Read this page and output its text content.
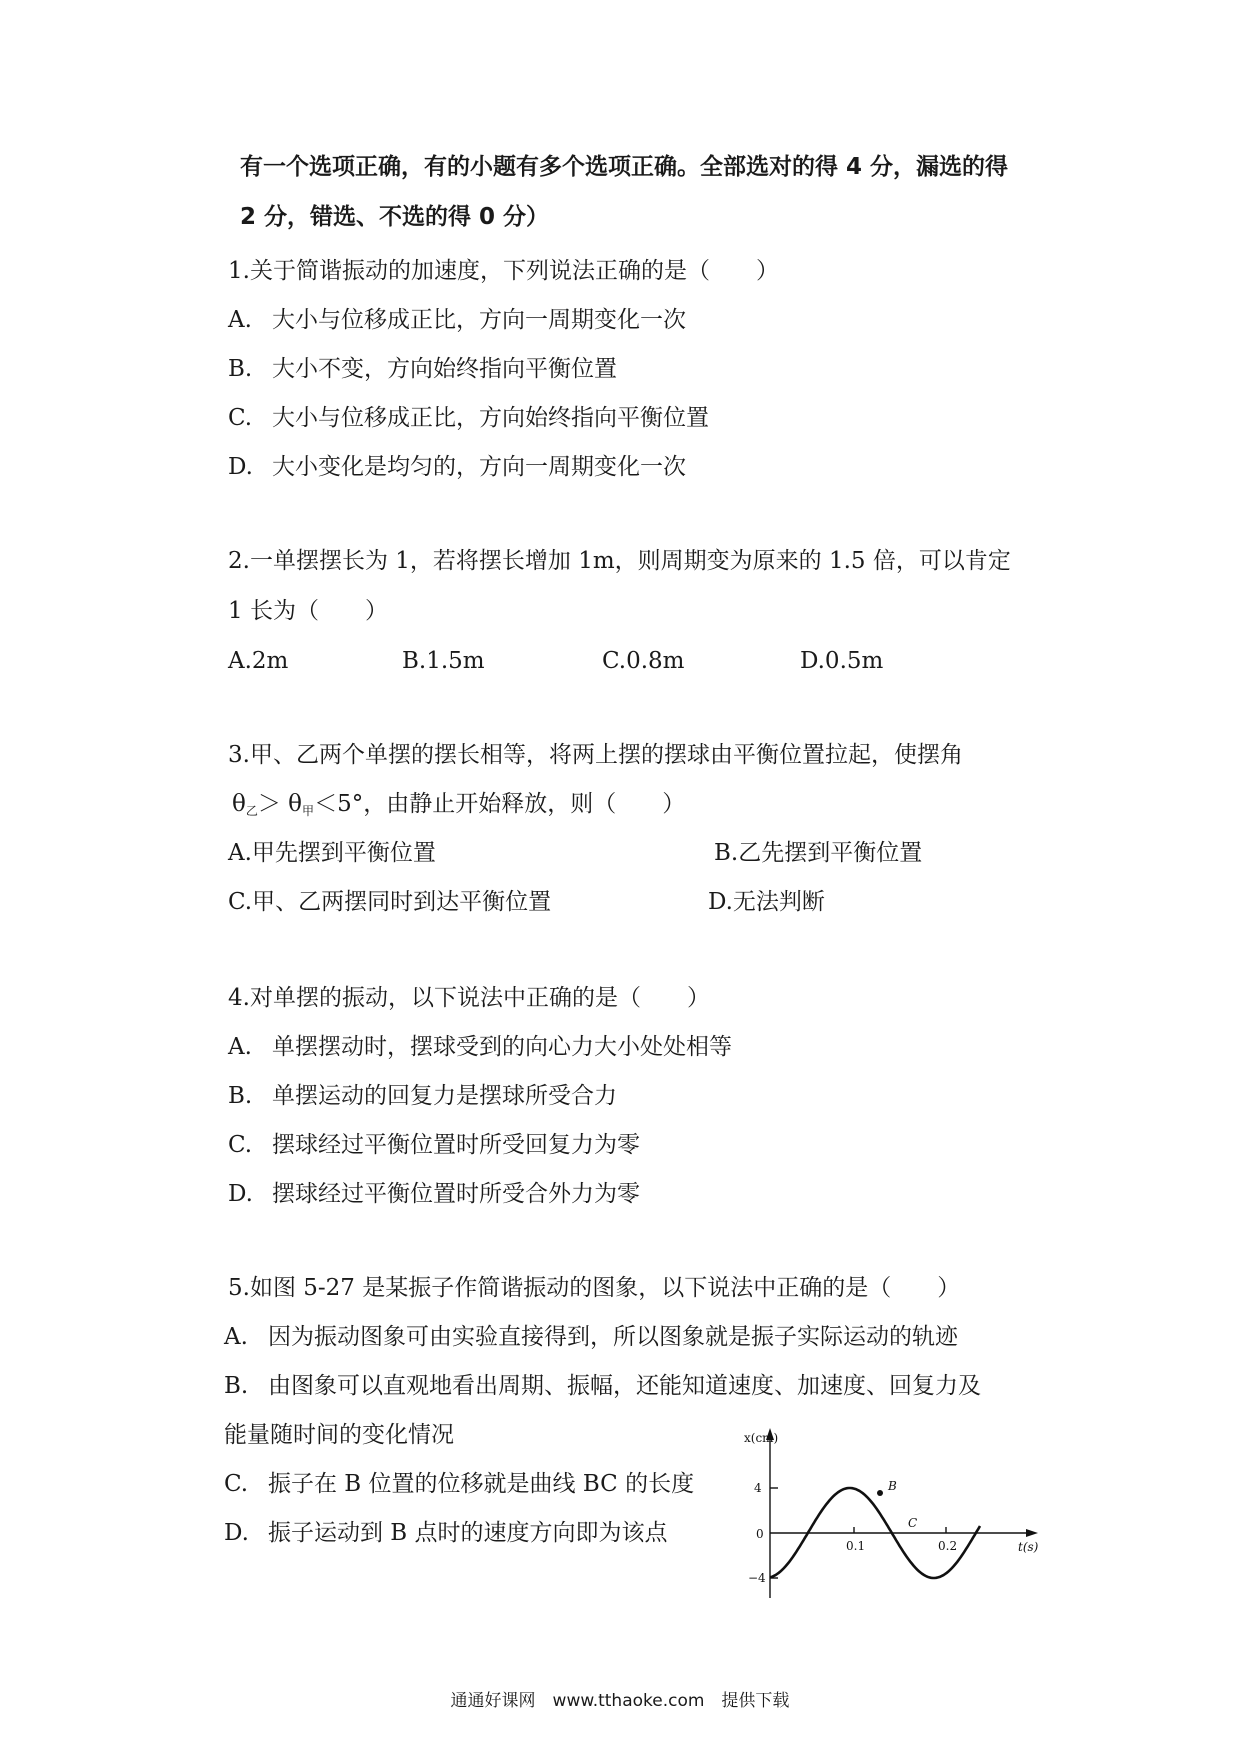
有一个选项正确，有的小题有多个选项正确。全部选对的得 4 分，漏选的得
2 分，错选、不选的得 0 分）
1.关于简谐振动的加速度，下列说法正确的是（　　）
A. 大小与位移成正比，方向一周期变化一次
B. 大小不变，方向始终指向平衡位置
C. 大小与位移成正比，方向始终指向平衡位置
D. 大小变化是均匀的，方向一周期变化一次
2.一单摆摆长为 1，若将摆长增加 1m，则周期变为原来的 1.5 倍，可以肯定
1 长为（　　）
A.2m	B.1.5m	C.0.8m	D.0.5m
3.甲、乙两个单摆的摆长相等，将两上摆的摆球由平衡位置拉起，使摆角
$\theta_乙> \theta_甲<5^\circ$，由静止开始释放，则（　　）
A.甲先摆到平衡位置	B.乙先摆到平衡位置
C.甲、乙两摆同时到达平衡位置	D.无法判断
4.对单摆的振动，以下说法中正确的是（　　）
A. 单摆摆动时，摆球受到的向心力大小处处相等
B. 单摆运动的回复力是摆球所受合力
C. 摆球经过平衡位置时所受回复力为零
D. 摆球经过平衡位置时所受合外力为零
5.如图 5-27 是某振子作简谐振动的图象，以下说法中正确的是（　　）
A. 因为振动图象可由实验直接得到，所以图象就是振子实际运动的轨迹
B. 由图象可以直观地看出周期、振幅，还能知道速度、加速度、回复力及
能量随时间的变化情况
C. 振子在 B 位置的位移就是曲线 BC 的长度
D. 振子运动到 B 点时的速度方向即为该点
x(cm)
t(s)
4
−4
0
0.1	0.2
B
C
通通好课网　www.tthaoke.com　提供下载
